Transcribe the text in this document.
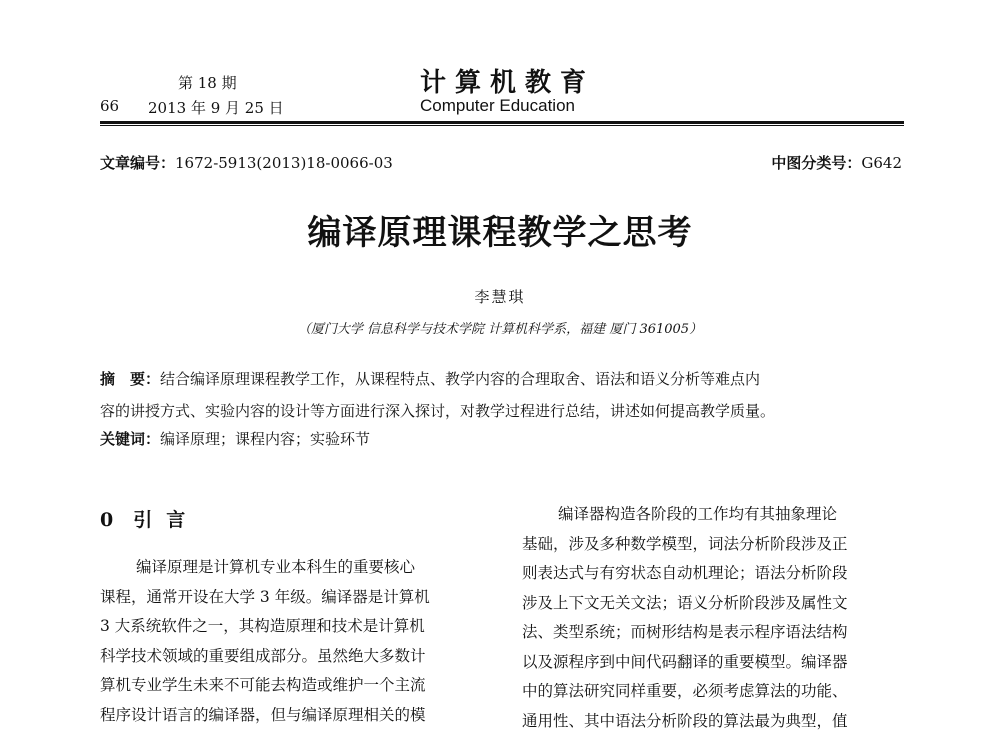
第 18 期
66 2013 年 9 月 25 日
计算机教育
Computer Education
文章编号：1672-5913(2013)18-0066-03	中图分类号：G642
编译原理课程教学之思考
李慧琪
（厦门大学 信息科学与技术学院 计算机科学系，福建 厦门 361005）
摘　要：结合编译原理课程教学工作，从课程特点、教学内容的合理取舍、语法和语义分析等难点内
容的讲授方式、实验内容的设计等方面进行深入探讨，对教学过程进行总结，讲述如何提高教学质量。
关键词：编译原理；课程内容；实验环节
0 引言
编译原理是计算机专业本科生的重要核心
课程，通常开设在大学 3 年级。编译器是计算机
3 大系统软件之一，其构造原理和技术是计算机
科学技术领域的重要组成部分。虽然绝大多数计
算机专业学生未来不可能去构造或维护一个主流
程序设计语言的编译器，但与编译原理相关的模
编译器构造各阶段的工作均有其抽象理论
基础，涉及多种数学模型，词法分析阶段涉及正
则表达式与有穷状态自动机理论；语法分析阶段
涉及上下文无关文法；语义分析阶段涉及属性文
法、类型系统；而树形结构是表示程序语法结构
以及源程序到中间代码翻译的重要模型。编译器
中的算法研究同样重要，必须考虑算法的功能、
通用性、其中语法分析阶段的算法最为典型，值
